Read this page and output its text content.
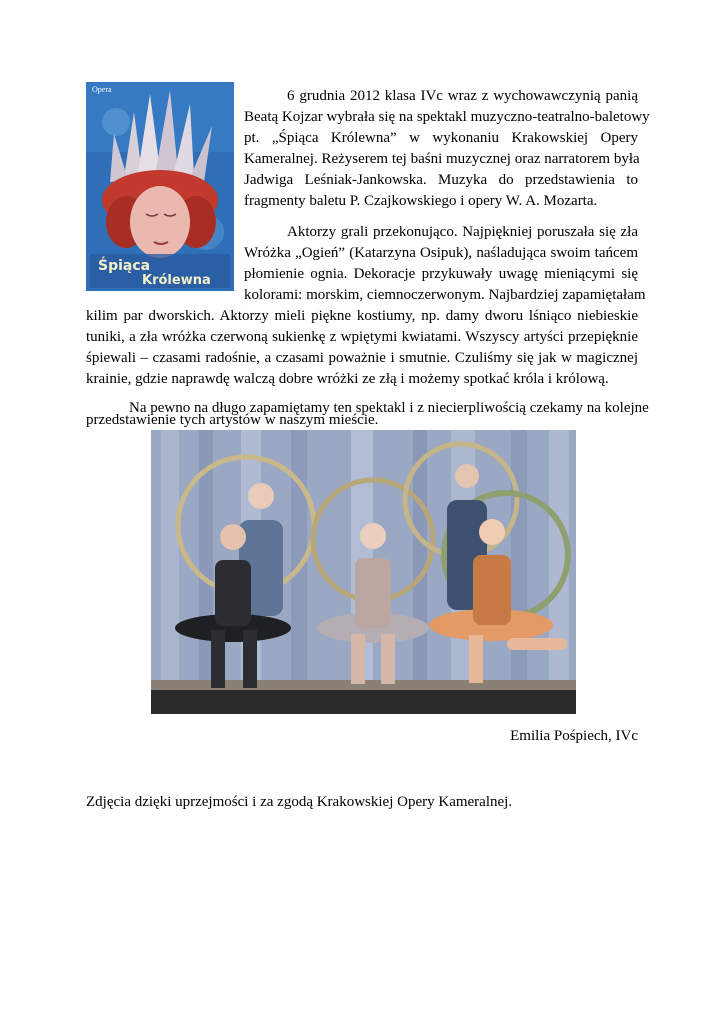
Opera
Śpiąca
Królewna
6 grudnia 2012 klasa IVc wraz z wychowawczynią panią
Beatą Kojzar wybrała się na spektakl muzyczno-teatralno-baletowy
pt. „Śpiąca Królewna” w wykonaniu Krakowskiej Opery
Kameralnej. Reżyserem tej baśni muzycznej oraz narratorem była
Jadwiga Leśniak-Jankowska. Muzyka do przedstawienia to
fragmenty baletu P. Czajkowskiego i opery W. A. Mozarta.
Aktorzy grali przekonująco. Najpiękniej poruszała się zła
Wróżka „Ogień” (Katarzyna Osipuk), naśladująca swoim tańcem
płomienie ognia. Dekoracje przykuwały uwagę mieniącymi się
kolorami: morskim, ciemnoczerwonym. Najbardziej zapamiętałam
kilim par dworskich. Aktorzy mieli piękne kostiumy, np. damy dworu lśniąco niebieskie
tuniki, a zła wróżka czerwoną sukienkę z wpiętymi kwiatami. Wszyscy artyści przepięknie
śpiewali – czasami radośnie, a czasami poważnie i smutnie. Czuliśmy się jak w magicznej
krainie, gdzie naprawdę walczą dobre wróżki ze złą i możemy spotkać króla i królową.
Na pewno na długo zapamiętamy ten spektakl i z niecierpliwością czekamy na kolejne
przedstawienie tych artystów w naszym mieście.
Emilia Pośpiech, IVc
Zdjęcia dzięki uprzejmości i za zgodą Krakowskiej Opery Kameralnej.
